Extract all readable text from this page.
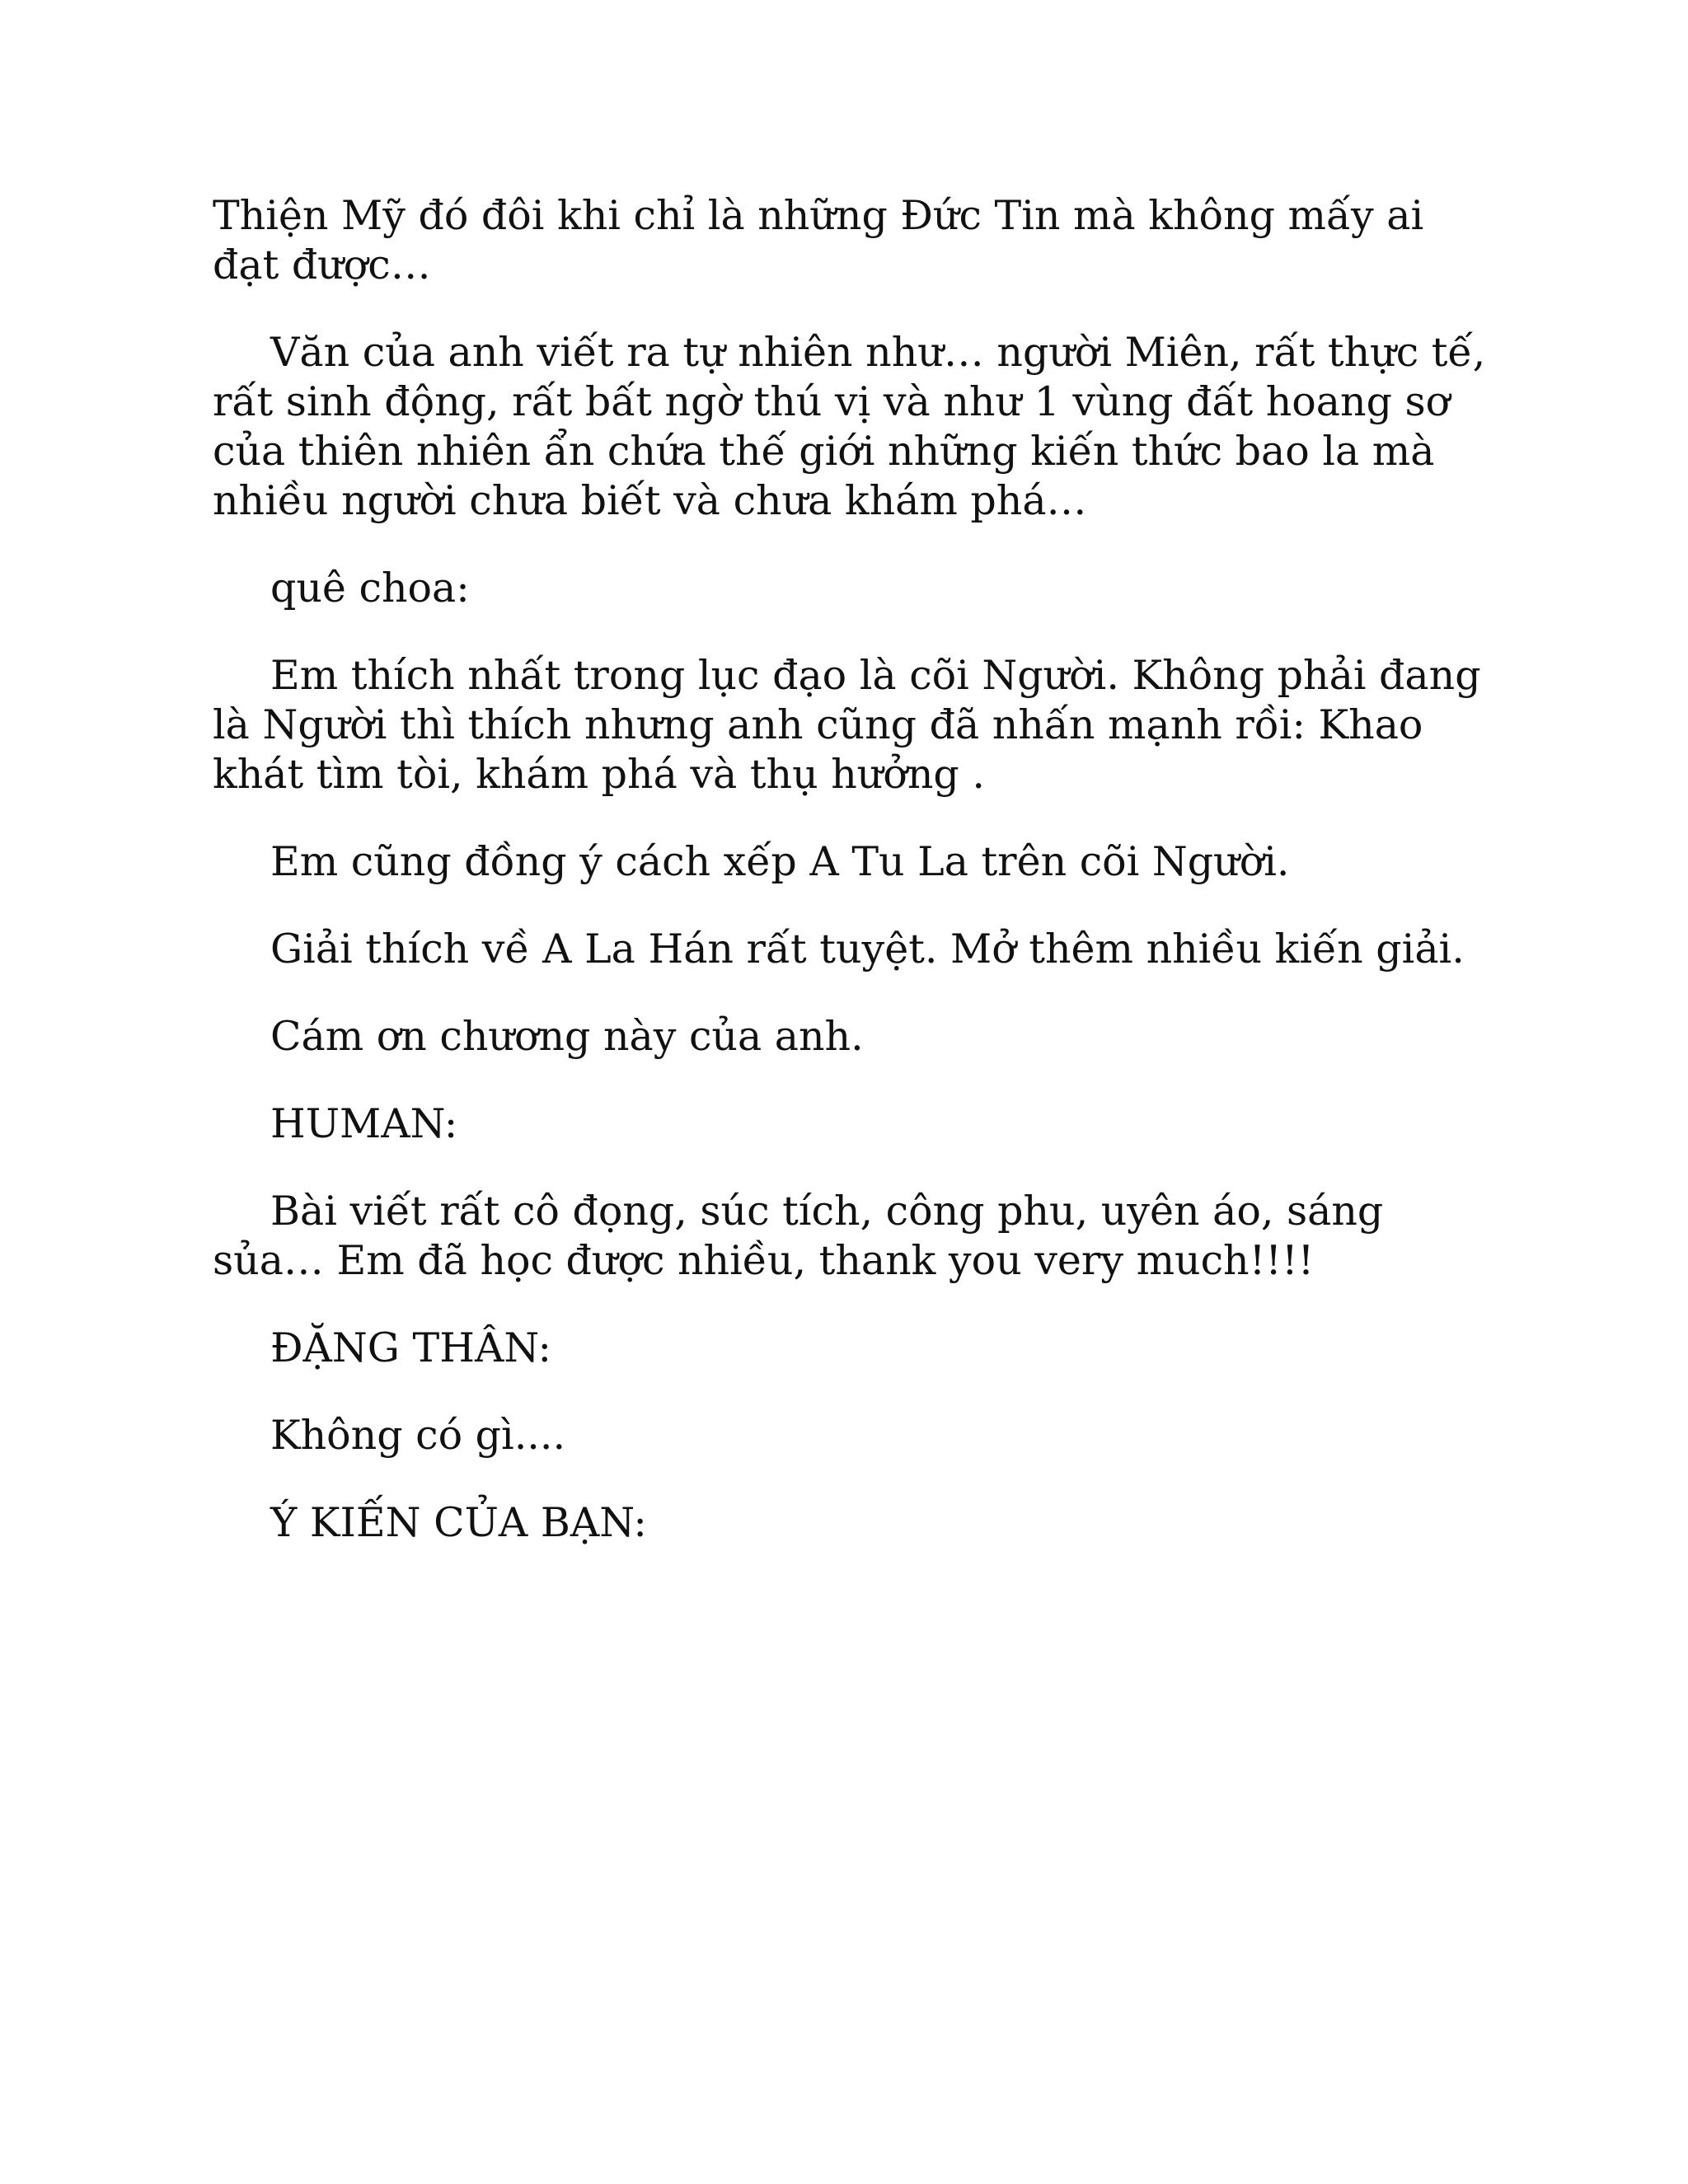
Thiện Mỹ đó đôi khi chỉ là những Đức Tin mà không mấy ai đạt được…

Văn của anh viết ra tự nhiên như… người Miên, rất thực tế, rất sinh động, rất bất ngờ thú vị và như 1 vùng đất hoang sơ của thiên nhiên ẩn chứa thế giới những kiến thức bao la mà nhiều người chưa biết và chưa khám phá…

quê choa:

Em thích nhất trong lục đạo là cõi Người. Không phải đang là Người thì thích nhưng anh cũng đã nhấn mạnh rồi: Khao khát tìm tòi, khám phá và thụ hưởng .

Em cũng đồng ý cách xếp A Tu La trên cõi Người.

Giải thích về A La Hán rất tuyệt. Mở thêm nhiều kiến giải.

Cám ơn chương này của anh.

HUMAN:

Bài viết rất cô đọng, súc tích, công phu, uyên áo, sáng sủa… Em đã học được nhiều, thank you very much!!!!

ĐẶNG THÂN:

Không có gì....

Ý KIẾN CỦA BẠN:
